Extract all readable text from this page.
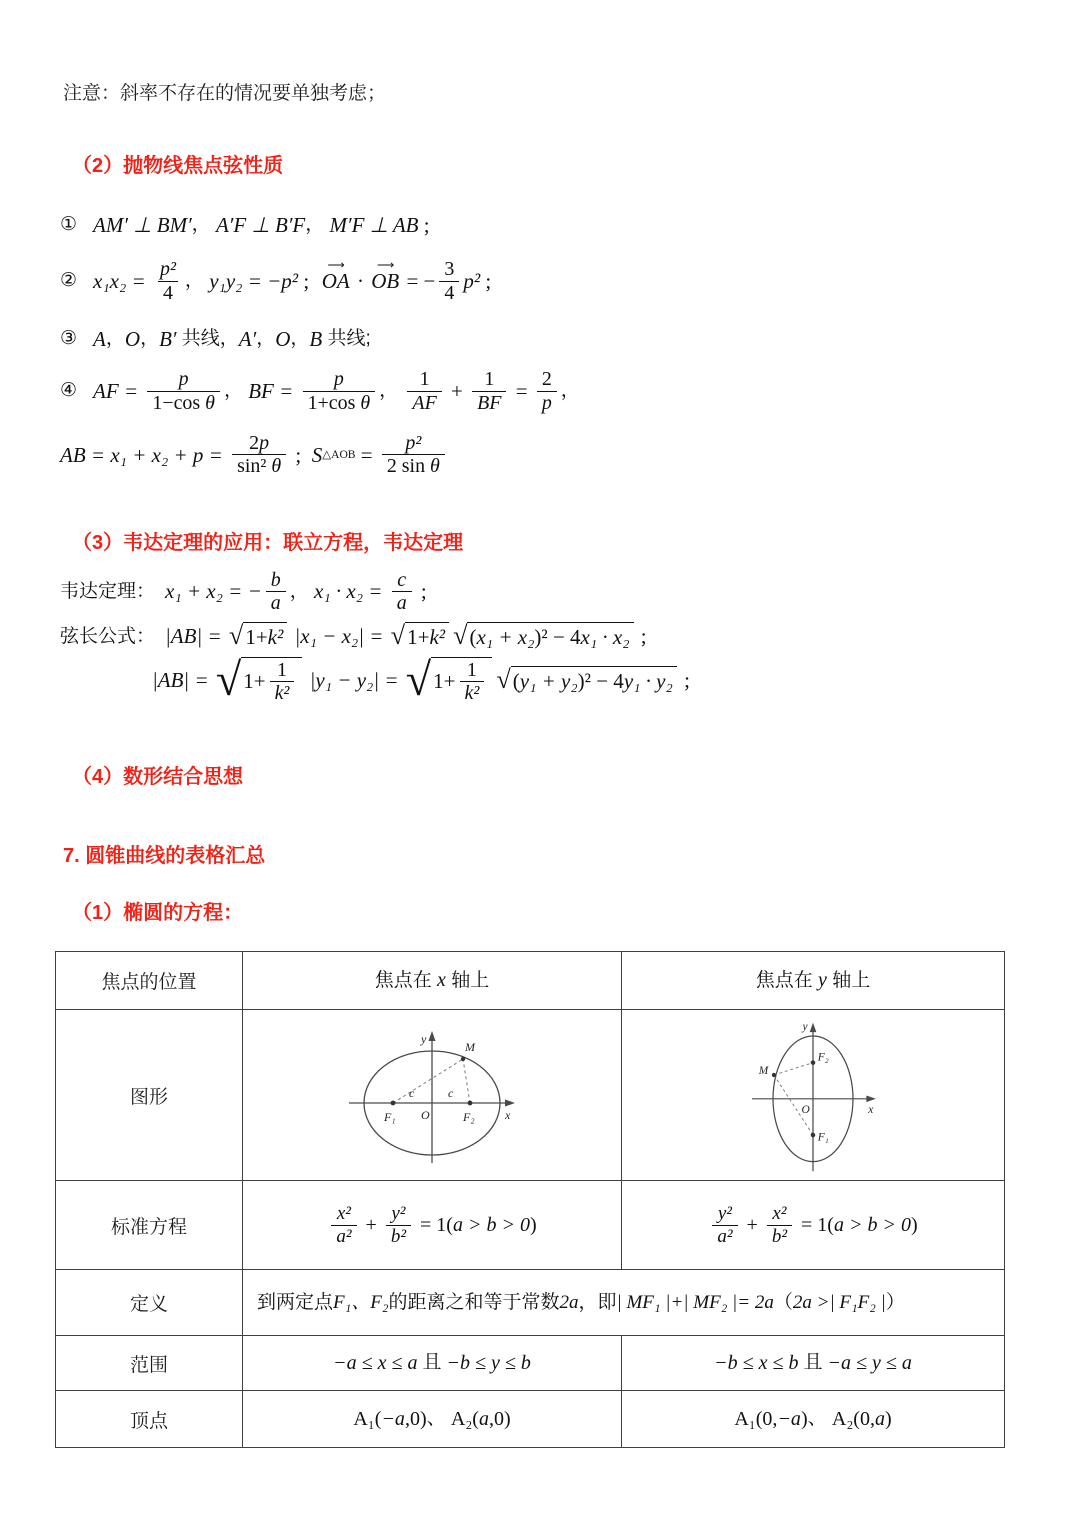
注意：斜率不存在的情况要单独考虑；

（2）抛物线焦点弦性质
① AM′ ⊥ BM′ ， A′F ⊥ B′F ， M′F ⊥ AB ;
② $x_1x_2 = \frac{\text{p²}}{4}$ ， y₁y₂ = −p² ; OA ⟶ · OB ⟶ = − $\frac{3}{4} p^2$ ;
③ A ， O ， B′ 共线， A′ ， O ， B 共线;
④ AF = $\frac{p}{\text{1−cos θ}}$ ， BF = $\frac{p}{\text{1+cos θ}}$ ， $\frac{1}{AF} + \frac{1}{BF} = \frac{2}{p}$ ，
AB = $x_1 + x_2 + p = \frac{2 p}{\text{sin² θ}}$ ; S △AOB = $\frac{\text{p²}}{\text{2 sin θ}}$
（3）韦达定理的应用：联立方程，韦达定理
韦达定理： x₁ + x₂ = − $\frac{b}{a}$ ， $x_1 \cdot x_2 = \frac{c}{a}$ ;
弦长公式： |AB| = √ 1+ k² |x₁ − x₂| = √ 1+ k² √ ( x₁ + x₂ )² − 4 x₁ · x₂ ;
|AB| = √ $1+ \frac{1}{\text{k²}} |y_1 - y_2|$ = √ $1+ \frac{1}{\text{k²}}$ √ ( y₁ + y₂ )² − 4 y₁ · y₂ ;
（4）数形结合思想
7. 圆锥曲线的表格汇总
（1）椭圆的方程：
焦点的位置	焦点在 x 轴上	焦点在 y 轴上

图形	
y
M
c	c
O
F₁	F₂	x

y
F₂
M
O	x
F₁

标准方程	$\frac{\text{x²}}{\text{a²}} + \frac{\text{y²}}{\text{b²}} = 1$( a > b > 0 )	$\frac{\text{y²}}{\text{a²}} + \frac{\text{x²}}{\text{b²}} = 1$( a > b > 0 )

定义	到两定点 F₁、F₂ 的距离之和等于常数 2a ，即 | MF₁ |+| MF₂ |= 2a （ 2a >| F₁F₂ | ）

范围	−a ≤ x ≤ a 且 −b ≤ y ≤ b	−b ≤ x ≤ b 且 −a ≤ y ≤ a

顶点	A₁( −a ,0) 、 A₂( a ,0)	A₁(0, −a ) 、 A₂(0, a )
